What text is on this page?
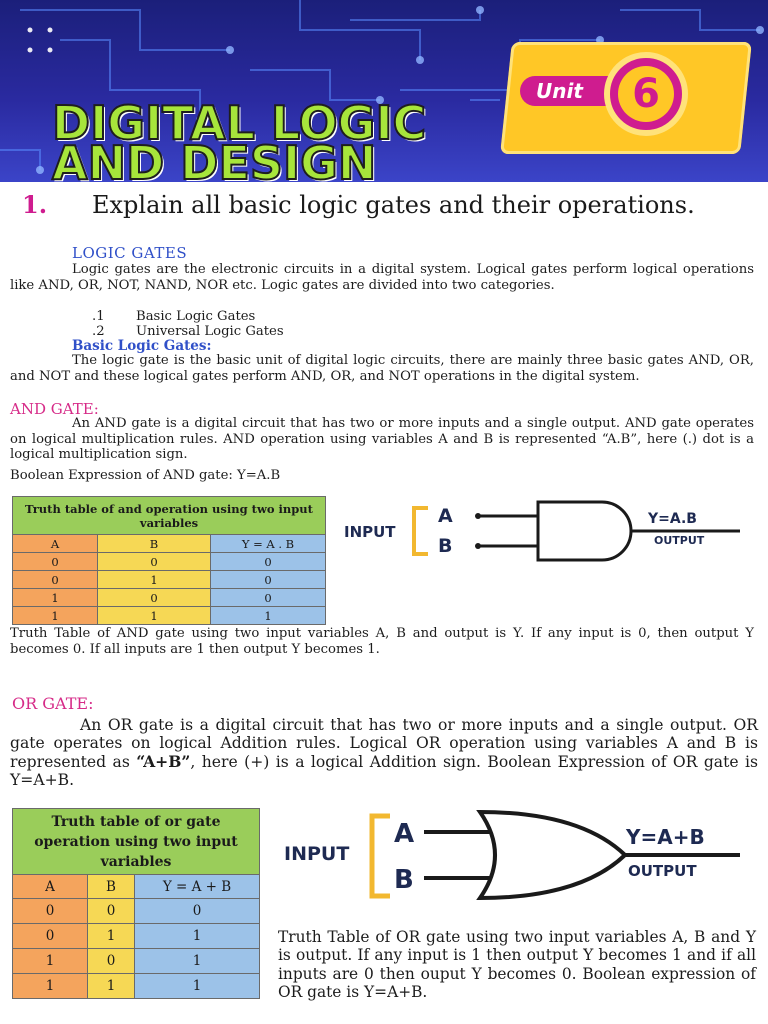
DIGITAL LOGIC
AND DESIGN
Unit	6
1. Explain all basic logic gates and their operations.
LOGIC GATES
Logic gates are the electronic circuits in a digital system. Logical gates perform logical operations like AND, OR, NOT, NAND, NOR etc. Logic gates are divided into two categories.
.1 Basic Logic Gates
.2 Universal Logic Gates
Basic Logic Gates:
The logic gate is the basic unit of digital logic circuits, there are mainly three basic gates AND, OR, and NOT and these logical gates perform AND, OR, and NOT operations in the digital system.
AND GATE:
An AND gate is a digital circuit that has two or more inputs and a single output. AND gate operates on logical multiplication rules. AND operation using variables A and B is represented “A.B”, here (.) dot is a logical multiplication sign.
Boolean Expression of AND gate: Y=A.B
Truth table of and operation using two input variables		
A	B	Y = A . B
0	0	0
0	1	0
1	0	0
1	1	1
INPUT
A
B
Y=A.B
OUTPUT
Truth Table of AND gate using two input variables A, B and output is Y. If any input is 0, then output Y becomes 0. If all inputs are 1 then output Y becomes 1.
OR GATE:
An OR gate is a digital circuit that has two or more inputs and a single output. OR gate operates on logical Addition rules. Logical OR operation using variables A and B is represented as “A+B”, here (+) is a logical Addition sign. Boolean Expression of OR gate is Y=A+B.
Truth table of or gate operation using two input variables		
A	B	Y = A + B
0	0	0
0	1	1
1	0	1
1	1	1
INPUT
A
B
Y=A+B
OUTPUT
Truth Table of OR gate using two input variables A, B and Y is output. If any input is 1 then output Y becomes 1 and if all inputs are 0 then ouput Y becomes 0. Boolean expression of OR gate is Y=A+B.
